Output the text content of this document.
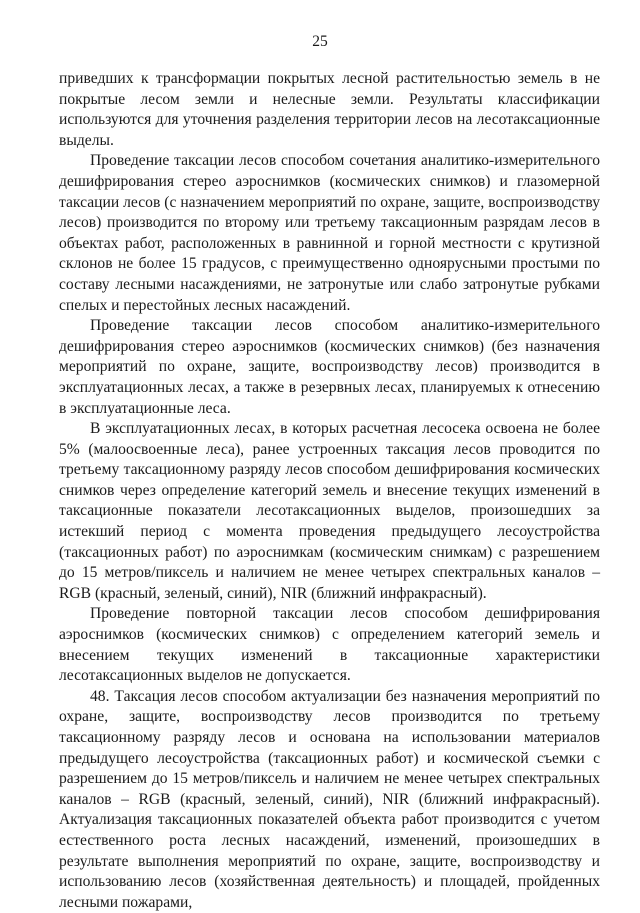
25

приведших к трансформации покрытых лесной растительностью земель в не покрытые лесом земли и нелесные земли. Результаты классификации используются для уточнения разделения территории лесов на лесотаксационные выделы.

Проведение таксации лесов способом сочетания аналитико-измерительного дешифрирования стерео аэроснимков (космических снимков) и глазомерной таксации лесов (с назначением мероприятий по охране, защите, воспроизводству лесов) производится по второму или третьему таксационным разрядам лесов в объектах работ, расположенных в равнинной и горной местности с крутизной склонов не более 15 градусов, с преимущественно одноярусными простыми по составу лесными насаждениями, не затронутые или слабо затронутые рубками спелых и перестойных лесных насаждений.

Проведение таксации лесов способом аналитико-измерительного дешифрирования стерео аэроснимков (космических снимков) (без назначения мероприятий по охране, защите, воспроизводству лесов) производится в эксплуатационных лесах, а также в резервных лесах, планируемых к отнесению в эксплуатационные леса.

В эксплуатационных лесах, в которых расчетная лесосека освоена не более 5% (малоосвоенные леса), ранее устроенных таксация лесов проводится по третьему таксационному разряду лесов способом дешифрирования космических снимков через определение категорий земель и внесение текущих изменений в таксационные показатели лесотаксационных выделов, произошедших за истекший период с момента проведения предыдущего лесоустройства (таксационных работ) по аэроснимкам (космическим снимкам) с разрешением до 15 метров/пиксель и наличием не менее четырех спектральных каналов – RGB (красный, зеленый, синий), NIR (ближний инфракрасный).

Проведение повторной таксации лесов способом дешифрирования аэроснимков (космических снимков) с определением категорий земель и внесением текущих изменений в таксационные характеристики лесотаксационных выделов не допускается.

48. Таксация лесов способом актуализации без назначения мероприятий по охране, защите, воспроизводству лесов производится по третьему таксационному разряду лесов и основана на использовании материалов предыдущего лесоустройства (таксационных работ) и космической съемки с разрешением до 15 метров/пиксель и наличием не менее четырех спектральных каналов – RGB (красный, зеленый, синий), NIR (ближний инфракрасный). Актуализация таксационных показателей объекта работ производится с учетом естественного роста лесных насаждений, изменений, произошедших в результате выполнения мероприятий по охране, защите, воспроизводству и использованию лесов (хозяйственная деятельность) и площадей, пройденных лесными пожарами,
